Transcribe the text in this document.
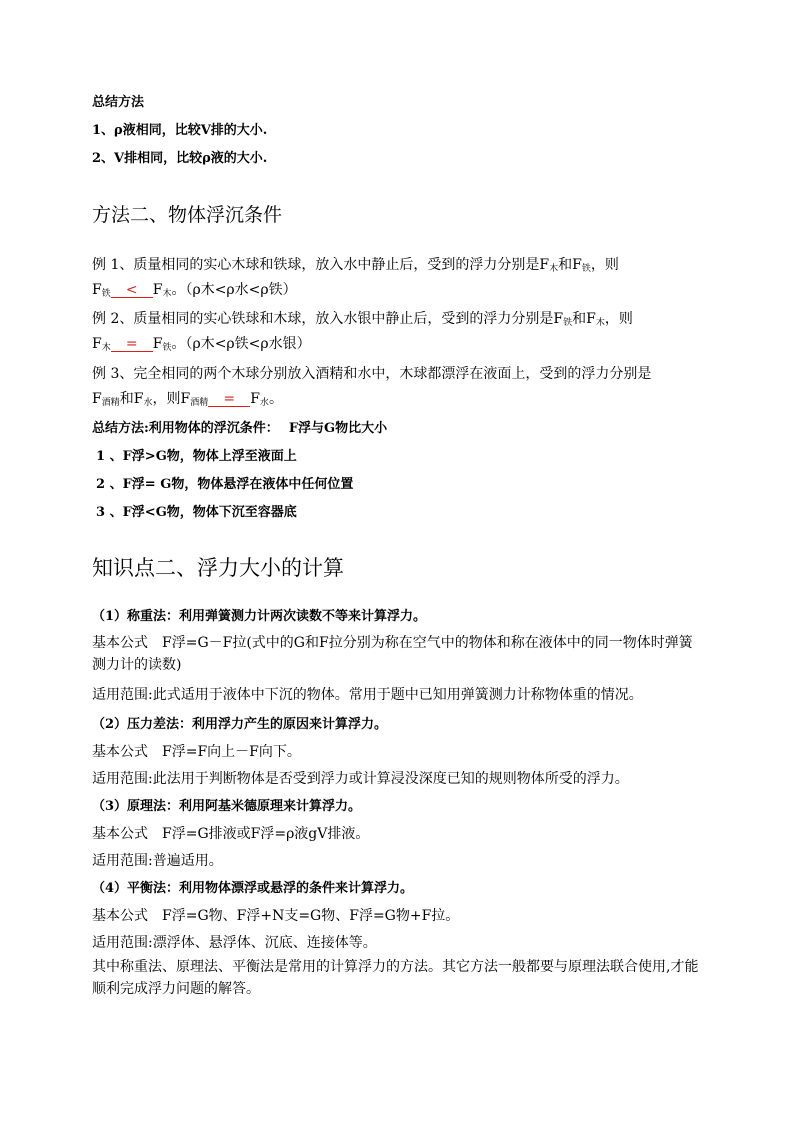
总结方法
1、ρ液相同，比较V排的大小.
2、V排相同，比较ρ液的大小.
方法二、物体浮沉条件
例 1、质量相同的实心木球和铁球，放入水中静止后，受到的浮力分别是$F_木$和$F_铁$，则
$F_铁 < F_木$。（ρ木<ρ水<ρ铁）
例 2、质量相同的实心铁球和木球，放入水银中静止后，受到的浮力分别是$F_铁$和$F_木$，则
$F_木 = F_铁$。（ρ木<ρ铁<ρ水银）
例 3、完全相同的两个木球分别放入酒精和水中，木球都漂浮在液面上，受到的浮力分别是
$F_{酒精}$和$F_水$，则$F_{酒精} = F_水$。
总结方法:利用物体的浮沉条件： F浮与G物比大小
1 、F浮>G物，物体上浮至液面上
2 、F浮= G物，物体悬浮在液体中任何位置
3 、F浮<G物，物体下沉至容器底
知识点二、浮力大小的计算
（1）称重法：利用弹簧测力计两次读数不等来计算浮力。
基本公式 F浮=G－F拉(式中的G和F拉分别为称在空气中的物体和称在液体中的同一物体时弹簧测力计的读数)
适用范围:此式适用于液体中下沉的物体。常用于题中已知用弹簧测力计称物体重的情况。
（2）压力差法：利用浮力产生的原因来计算浮力。
基本公式 F浮=F向上－F向下。
适用范围:此法用于判断物体是否受到浮力或计算浸没深度已知的规则物体所受的浮力。
（3）原理法：利用阿基米德原理来计算浮力。
基本公式 F浮=G排液或F浮=ρ液gV排液。
适用范围:普遍适用。
（4）平衡法：利用物体漂浮或悬浮的条件来计算浮力。
基本公式 F浮=G物、F浮+N支=G物、F浮=G物+F拉。
适用范围:漂浮体、悬浮体、沉底、连接体等。
其中称重法、原理法、平衡法是常用的计算浮力的方法。其它方法一般都要与原理法联合使用,才能顺利完成浮力问题的解答。
